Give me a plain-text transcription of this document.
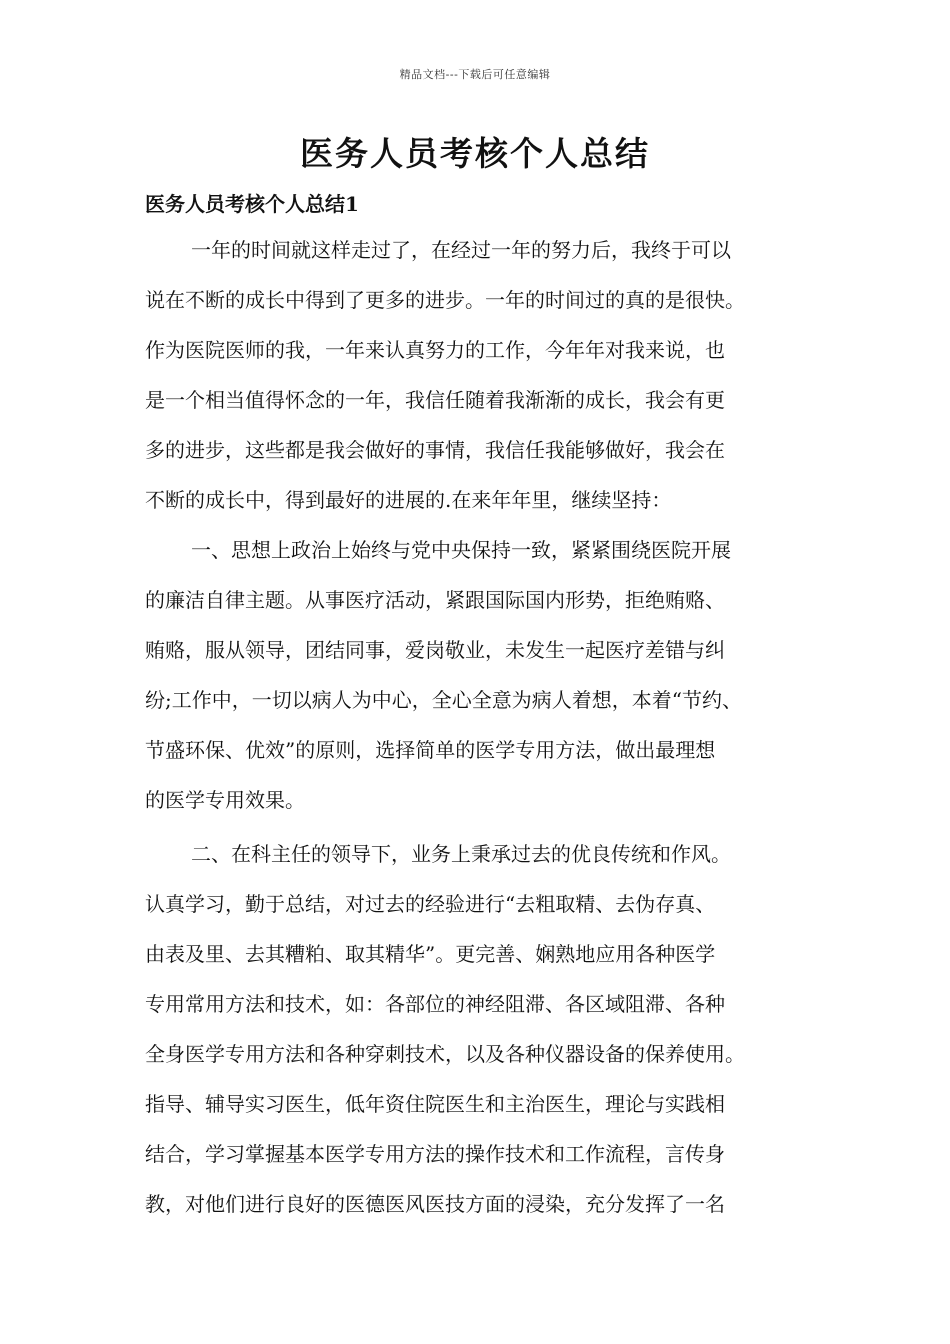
精品文档---下载后可任意编辑
医务人员考核个人总结
医务人员考核个人总结1
一年的时间就这样走过了，在经过一年的努力后，我终于可以
说在不断的成长中得到了更多的进步。一年的时间过的真的是很快。
作为医院医师的我，一年来认真努力的工作，今年年对我来说，也
是一个相当值得怀念的一年，我信任随着我渐渐的成长，我会有更
多的进步，这些都是我会做好的事情，我信任我能够做好，我会在
不断的成长中，得到最好的进展的.在来年年里，继续坚持：
一、思想上政治上始终与党中央保持一致，紧紧围绕医院开展
的廉洁自律主题。从事医疗活动，紧跟国际国内形势，拒绝贿赂、
贿赂，服从领导，团结同事，爱岗敬业，未发生一起医疗差错与纠
纷;工作中，一切以病人为中心，全心全意为病人着想，本着“节约、
节盛环保、优效”的原则，选择简单的医学专用方法，做出最理想
的医学专用效果。
二、在科主任的领导下，业务上秉承过去的优良传统和作风。
认真学习，勤于总结，对过去的经验进行“去粗取精、去伪存真、
由表及里、去其糟粕、取其精华”。更完善、娴熟地应用各种医学
专用常用方法和技术，如：各部位的神经阻滞、各区域阻滞、各种
全身医学专用方法和各种穿刺技术，以及各种仪器设备的保养使用。
指导、辅导实习医生，低年资住院医生和主治医生，理论与实践相
结合，学习掌握基本医学专用方法的操作技术和工作流程，言传身
教，对他们进行良好的医德医风医技方面的浸染，充分发挥了一名
